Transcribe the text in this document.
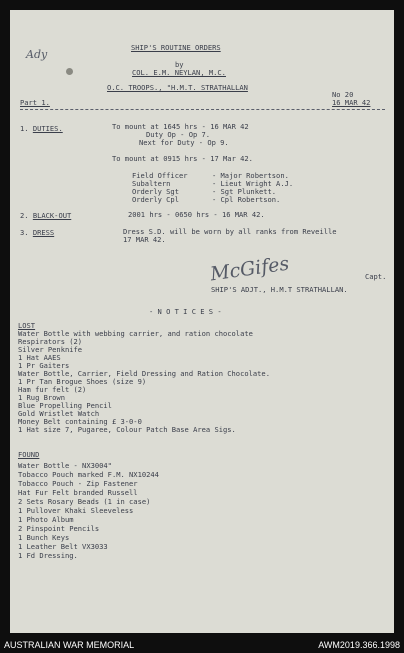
Ady
SHIP'S ROUTINE ORDERS
by
COL. E.M. NEYLAN, M.C.
O.C. TROOPS., "H.M.T. STRATHALLAN
No 20
16 MAR 42
Part 1.
1. DUTIES.	To mount at 1645 hrs - 16 MAR 42
Duty Op - Op 7.
Next for Duty - Op 9.
To mount at 0915 hrs - 17 Mar 42.
Field Officer	- Major Robertson.
Subaltern	- Lieut Wright A.J.
Orderly Sgt	- Sgt Plunkett.
Orderly Cpl	- Cpl Robertson.
2. BLACK-OUT	2001 hrs - 0650 hrs - 16 MAR 42.
3. DRESS	Dress S.D. will be worn by all ranks from Reveille
17 MAR 42.
McGifes	Capt.
SHIP'S ADJT., H.M.T STRATHALLAN.
- N O T I C E S -
LOST
Water Bottle with webbing carrier, and ration chocolate
Respirators (2)
Silver Penknife
1 Hat AAES
1 Pr Gaiters
Water Bottle, Carrier, Field Dressing and Ration Chocolate.
1 Pr Tan Brogue Shoes (size 9)
Ham fur felt (2)
1 Rug Brown
Blue Propelling Pencil
Gold Wristlet Watch
Money Belt containing £ 3-0-0
1 Hat size 7, Pugaree, Colour Patch Base Area Sigs.
FOUND
Water Bottle - NX3004"
Tobacco Pouch marked F.M. NX10244
Tobacco Pouch - Zip Fastener
Hat Fur Felt branded Russell
2 Sets Rosary Beads (1 in case)
1 Pullover Khaki Sleeveless
1 Photo Album
2 Pinspoint Pencils
1 Bunch Keys
1 Leather Belt VX3033
1 Fd Dressing.
AUSTRALIAN WAR MEMORIAL	AWM2019.366.1998
